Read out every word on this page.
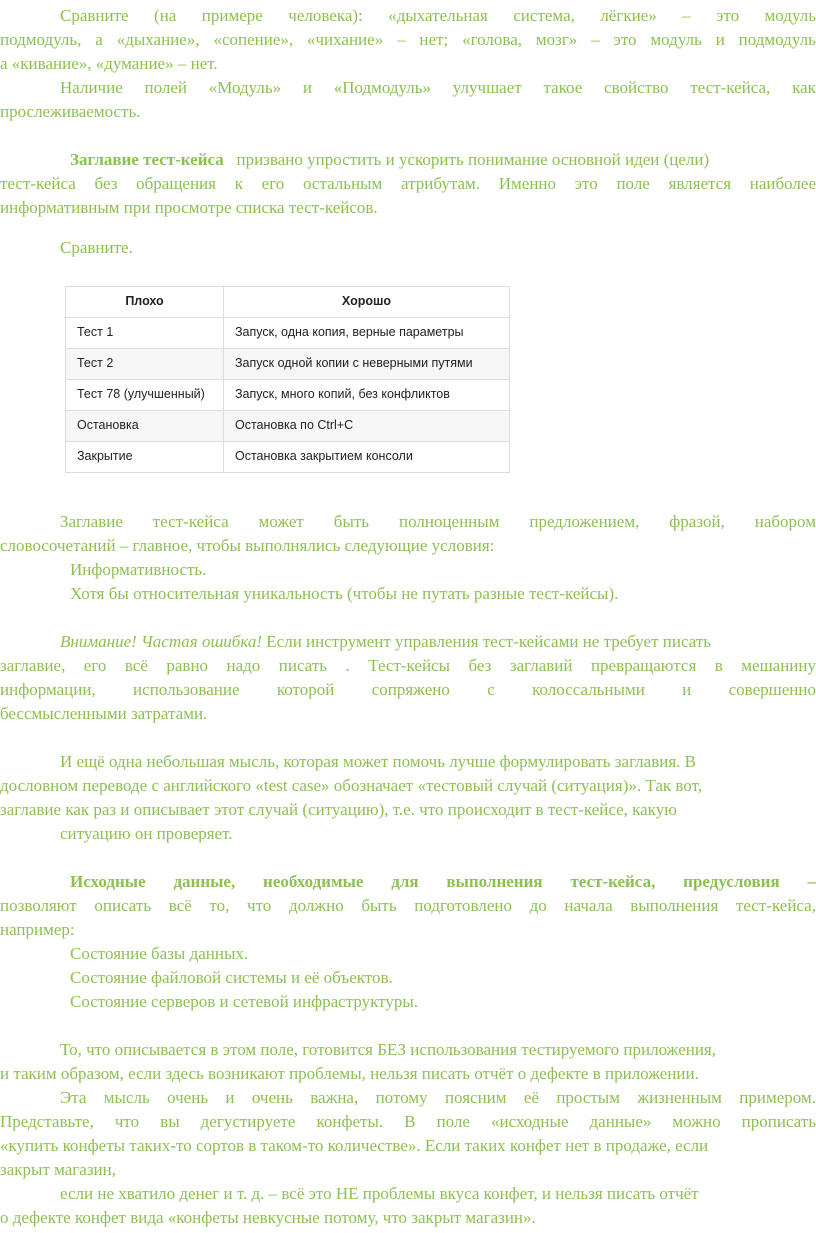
Сравните (на примере человека): «дыхательная система, лёгкие» – это модуль
подмодуль, а «дыхание», «сопение», «чихание» – нет; «голова, мозг» – это модуль и подмодуль
а «кивание», «думание» – нет.
Наличие полей «Модуль» и «Подмодуль» улучшает такое свойство тест-кейса, как
прослеживаемость.
Заглавие тест-кейса призвано упростить и ускорить понимание основной идеи (цели)
тест-кейса без обращения к его остальным атрибутам. Именно это поле является наиболее
информативным при просмотре списка тест-кейсов.
Сравните.
Плохо	Хорошо
Тест 1	Запуск, одна копия, верные параметры
Тест 2	Запуск одной копии с неверными путями
Тест 78 (улучшенный)	Запуск, много копий, без конфликтов
Остановка	Остановка по Ctrl+C
Закрытие	Остановка закрытием консоли
Заглавие тест-кейса может быть полноценным предложением, фразой, набором
словосочетаний – главное, чтобы выполнялись следующие условия:
Информативность.
Хотя бы относительная уникальность (чтобы не путать разные тест-кейсы).
Внимание! Частая ошибка! Если инструмент управления тест-кейсами не требует писать
заглавие, его всё равно надо писать . Тест-кейсы без заглавий превращаются в мешанину
информации, использование которой сопряжено с колоссальными и совершенно
бессмысленными затратами.
И ещё одна небольшая мысль, которая может помочь лучше формулировать заглавия. В
дословном переводе с английского «test case» обозначает «тестовый случай (ситуация)». Так вот,
заглавие как раз и описывает этот случай (ситуацию), т.е. что происходит в тест-кейсе, какую
ситуацию он проверяет.
Исходные данные, необходимые для выполнения тест-кейса, предусловия –
позволяют описать всё то, что должно быть подготовлено до начала выполнения тест-кейса,
например:
Состояние базы данных.
Состояние файловой системы и её объектов.
Состояние серверов и сетевой инфраструктуры.
То, что описывается в этом поле, готовится БЕЗ использования тестируемого приложения,
и таким образом, если здесь возникают проблемы, нельзя писать отчёт о дефекте в приложении.
Эта мысль очень и очень важна, потому поясним её простым жизненным примером.
Представьте, что вы дегустируете конфеты. В поле «исходные данные» можно прописать
«купить конфеты таких-то сортов в таком-то количестве». Если таких конфет нет в продаже, если
закрыт магазин,
если не хватило денег и т. д. – всё это НЕ проблемы вкуса конфет, и нельзя писать отчёт
о дефекте конфет вида «конфеты невкусные потому, что закрыт магазин».
